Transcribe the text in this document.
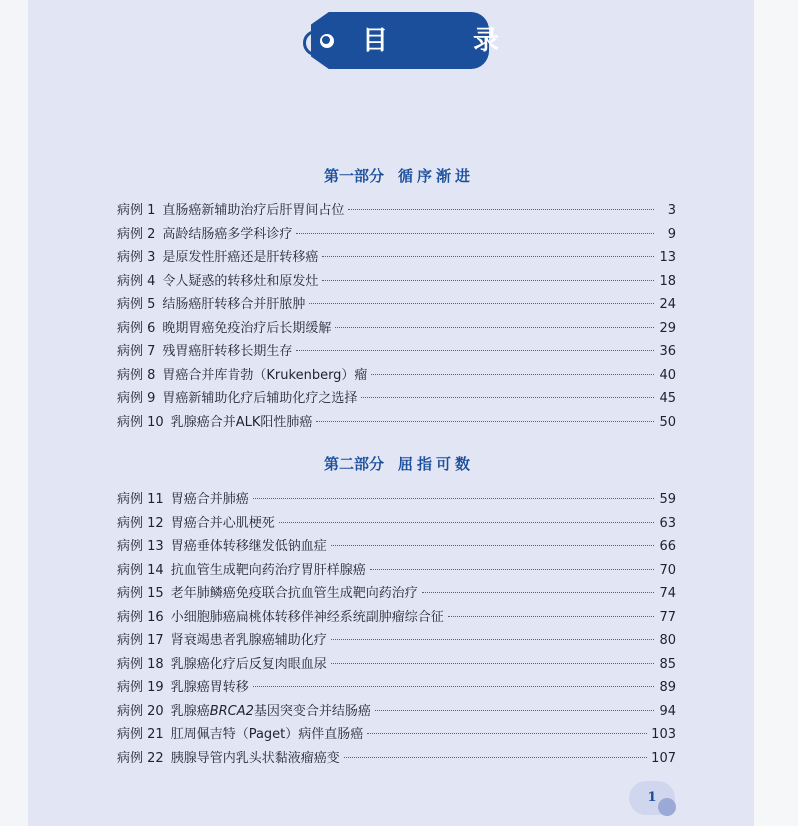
目 录
第一部分 循序渐进
病例 1 直肠癌新辅助治疗后肝胃间占位	3
病例 2 高龄结肠癌多学科诊疗	9
病例 3 是原发性肝癌还是肝转移癌	13
病例 4 令人疑惑的转移灶和原发灶	18
病例 5 结肠癌肝转移合并肝脓肿	24
病例 6 晚期胃癌免疫治疗后长期缓解	29
病例 7 残胃癌肝转移长期生存	36
病例 8 胃癌合并库肯勃（Krukenberg）瘤	40
病例 9 胃癌新辅助化疗后辅助化疗之选择	45
病例 10 乳腺癌合并ALK阳性肺癌	50
第二部分 屈指可数
病例 11 胃癌合并肺癌	59
病例 12 胃癌合并心肌梗死	63
病例 13 胃癌垂体转移继发低钠血症	66
病例 14 抗血管生成靶向药治疗胃肝样腺癌	70
病例 15 老年肺鳞癌免疫联合抗血管生成靶向药治疗	74
病例 16 小细胞肺癌扁桃体转移伴神经系统副肿瘤综合征	77
病例 17 肾衰竭患者乳腺癌辅助化疗	80
病例 18 乳腺癌化疗后反复肉眼血尿	85
病例 19 乳腺癌胃转移	89
病例 20 乳腺癌BRCA2基因突变合并结肠癌	94
病例 21 肛周佩吉特（Paget）病伴直肠癌	103
病例 22 胰腺导管内乳头状黏液瘤癌变	107
1
